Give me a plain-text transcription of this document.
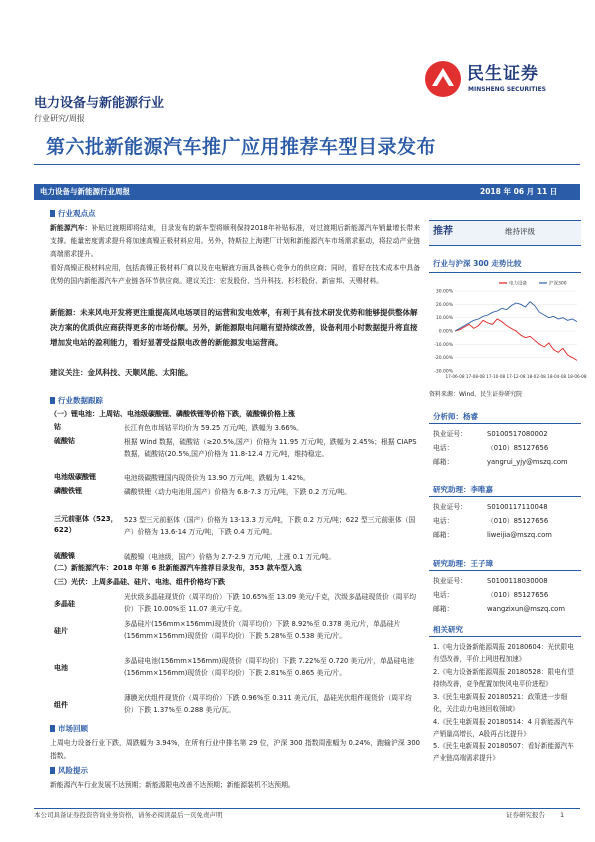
民生证券
MINSHENG SECURITIES
电力设备与新能源行业
行业研究/周报
第六批新能源汽车推广应用推荐车型目录发布
电力设备与新能源行业周报	2018 年 06 月 11 日
行业观点点
新能源汽车：补贴过渡期即将结束，目录发布的新车型将顺利保持2018年补贴标准，对过渡期后新能源汽车销量增长带来支撑。能量密度需求提升将加速高镍正极材料应用。另外，特斯拉上海建厂计划和新能源汽车市场需求驱动，将拉动产业链高端需求提升。
看好高镍正极材料应用，包括高镍正极材料厂商以及在电解液方面具备核心竞争力的供应商；同时，看好在技术成本中具备优势的国内新能源汽车产业链各环节供应商。建议关注：宏发股份、当升科技、杉杉股份、新宙邦、天赐材料。
新能源：未来风电开发将更注重提高风电场项目的运营和发电效率，有利于具有技术研发优势和能够提供整体解决方案的优质供应商获得更多的市场份额。另外，新能源限电问题有望持续改善，设备利用小时数据提升将直接增加发电站的盈利能力，看好显著受益限电改善的新能源发电运营商。
建议关注：金风科技、天顺风能、太阳能。
行业数据跟踪
（一）锂电池：上周钴、电池级碳酸锂、磷酸铁锂等价格下跌，硫酸镍价格上涨
钴	长江有色市场钴平均价为 59.25 万元/吨，跌幅为 3.66%。
硫酸钴	根据 Wind 数据，硫酸钴（≥20.5%,国产）价格为 11.95 万元/吨，跌幅为 2.45%；根据 CIAPS 数据，硫酸钴(20.5%,国产)价格为 11.8-12.4 万元/吨，维持稳定。
电池级碳酸锂	电池级碳酸锂国内现货价为 13.90 万元/吨，跌幅为 1.42%。
磷酸铁锂	磷酸铁锂（动力电池用,国产）价格为 6.8-7.3 万元/吨，下跌 0.2 万元/吨。
三元前驱体（523，622）
523 型三元前驱体（国产）价格为 13-13.3 万元/吨，下跌 0.2 万元/吨；622 型三元前驱体（国产）价格为 13.6-14 万元/吨，下跌 0.4 万元/吨。
硫酸镍	硫酸镍（电池级，国产）价格为 2.7-2.9 万元/吨，上涨 0.1 万元/吨。
（二）新能源汽车：2018 年第 6 批新能源汽车推荐目录发布，353 款车型入选
（三）光伏：上周多晶硅、硅片、电池、组件价格均下跌
多晶硅
光伏级多晶硅现货价（周平均价）下跌 10.65%至 13.09 美元/千克，次级多晶硅现货价（周平均价）下跌 10.00%至 11.07 美元/千克。
硅片
多晶硅片(156mm×156mm)现货价（周平均价）下跌 8.92%至 0.378 美元/片，单晶硅片(156mm×156mm)现货价（周平均价）下跌 5.28%至 0.538 美元/片。
电池
多晶硅电池(156mm×156mm)现货价（周平均价）下跌 7.22%至 0.720 美元/片，单晶硅电池(156mm×156mm)现货价（周平均价）下跌 2.81%至 0.865 美元/片。
组件
薄膜光伏组件现货价（周平均价）下跌 0.96%至 0.311 美元/瓦，晶硅光伏组件现货价（周平均价）下跌 1.37%至 0.288 美元/瓦。
市场回顾
上周电力设备行业下跌，周跌幅为 3.94%，在所有行业中排名第 29 位，沪深 300 指数周涨幅为 0.24%，跑输沪深 300 指数。
风险提示
新能源汽车行业发展不达预期；新能源限电改善不达预期；新能源装机不达预期。
推荐	维持评级
行业与沪深 300 走势比较
30.00%
20.00%
10.00%
0.00%
-10.00%
-20.00%
-30.00%
17-06-08 17-08-08 17-10-08 17-12-08 18-02-08 18-04-08 18-06-08
电力设备	沪深300
资料来源：Wind，民生证券研究院
分析师：杨睿
执业证号：	S0100517080002
电话：	（010）85127656
邮箱：	yangrui_yjy@mszq.com
研究助理：李唯嘉
执业证号：	S0100117110048
电话：	（010）85127656
邮箱：	liweijia@mszq.com
研究助理：王子璋
执业证号：	S0100118030008
电话：	（010）85127656
邮箱：	wangzixun@mszq.com
相关研究
1.《电力设备新能源周报 20180604：光伏限电有望改善，平价上网进程加速》
2.《电力设备新能源周报 20180528：限电有望持续改善，竞争配置加快风电平价进程》
3.《民生电新周报 20180521：政策进一步细化，关注动力电池回收领域》
4.《民生电新周报 20180514：4 月新能源汽车产销量高增长，A股再占比提升》
5.《民生电新周报 20180507：看好新能源汽车产业链高端需求提升》
本公司具备证券投资咨询业务资格，请务必阅读最后一页免责声明	证券研究报告 1
